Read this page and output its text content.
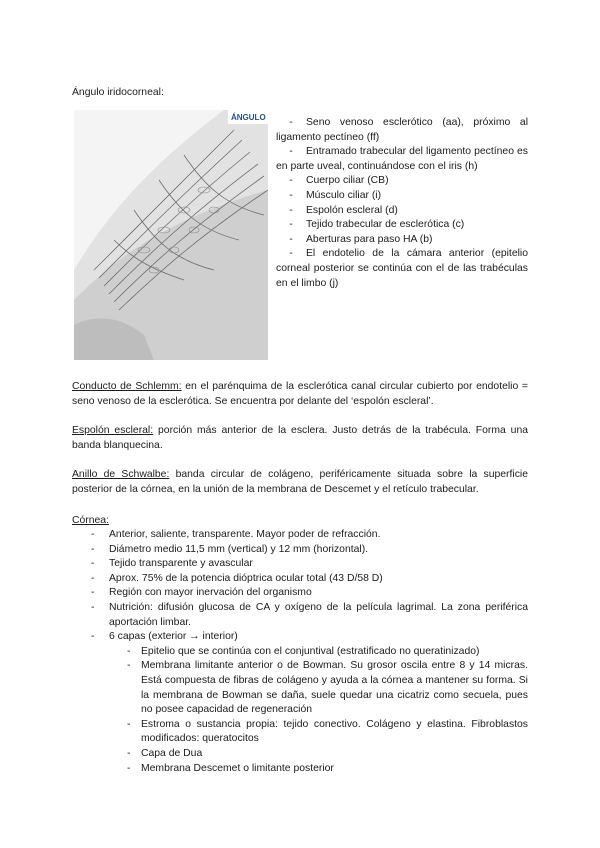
Ángulo iridocorneal:
ÁNGULO	- Seno venoso esclerótico (aa), próximo al ligamento pectíneo (ff)
- Entramado trabecular del ligamento pectíneo es en parte uveal, continuándose con el iris (h)
- Cuerpo ciliar (CB)
- Músculo ciliar (i)
- Espolón escleral (d)
- Tejido trabecular de esclerótica (c)
- Aberturas para paso HA (b)
- El endotelio de la cámara anterior (epitelio corneal posterior se continúa con el de las trabéculas en el limbo (j)

Conducto de Schlemm: en el parénquima de la esclerótica canal circular cubierto por endotelio = seno venoso de la esclerótica. Se encuentra por delante del ‘espolón escleral’.

Espolón escleral: porción más anterior de la esclera. Justo detrás de la trabécula. Forma una banda blanquecina.

Anillo de Schwalbe: banda circular de colágeno, periféricamente situada sobre la superficie posterior de la córnea, en la unión de la membrana de Descemet y el retículo trabecular.

Córnea:

- Anterior, saliente, transparente. Mayor poder de refracción.
- Diámetro medio 11,5 mm (vertical) y 12 mm (horizontal).
- Tejido transparente y avascular
- Aprox. 75% de la potencia dióptrica ocular total (43 D/58 D)
- Región con mayor inervación del organismo
- Nutrición: difusión glucosa de CA y oxígeno de la película lagrimal. La zona periférica aportación limbar.
- 6 capas (exterior → interior)
- Epitelio que se continúa con el conjuntival (estratificado no queratinizado)
- Membrana limitante anterior o de Bowman. Su grosor oscila entre 8 y 14 micras. Está compuesta de fibras de colágeno y ayuda a la córnea a mantener su forma. Si la membrana de Bowman se daña, suele quedar una cicatriz como secuela, pues no posee capacidad de regeneración
- Estroma o sustancia propia: tejido conectivo. Colágeno y elastina. Fibroblastos modificados: queratocitos
- Capa de Dua
- Membrana Descemet o limitante posterior
